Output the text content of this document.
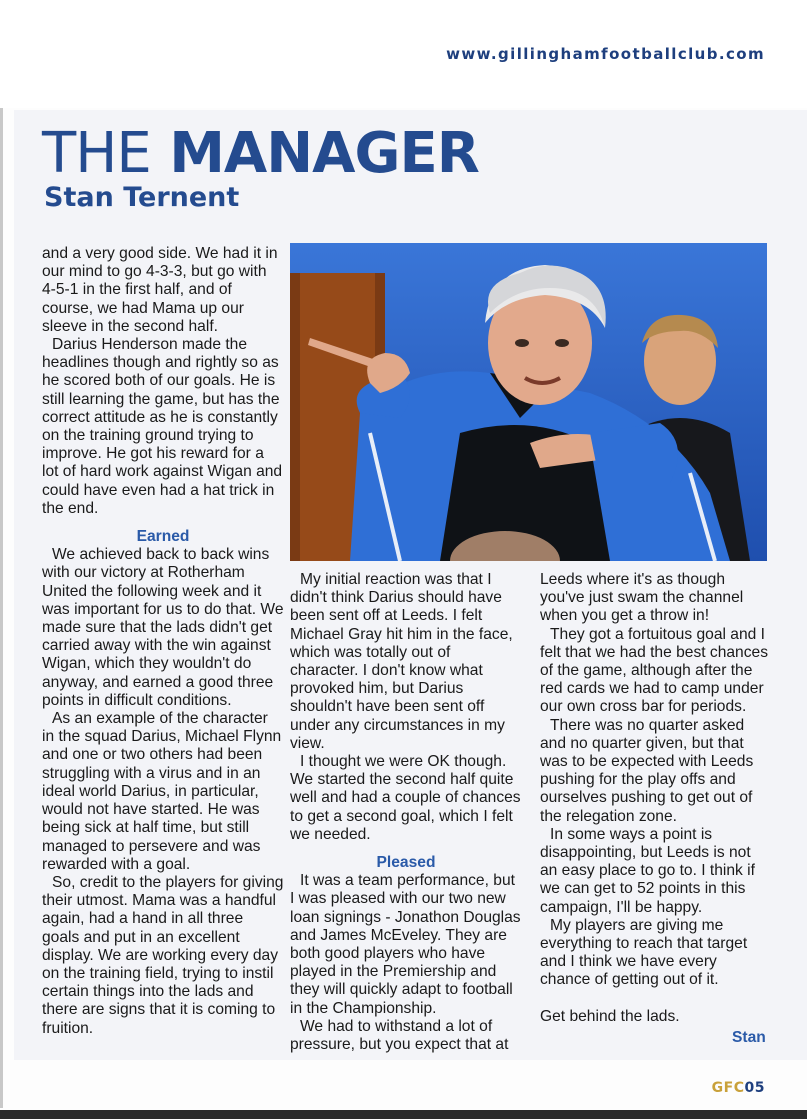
www.gillinghamfootballclub.com
THE MANAGER
Stan Ternent

and a very good side. We had it in our mind to go 4-3-3, but go with 4-5-1 in the first half, and of course, we had Mama up our sleeve in the second half.

Darius Henderson made the headlines though and rightly so as he scored both of our goals. He is still learning the game, but has the correct attitude as he is constantly on the training ground trying to improve. He got his reward for a lot of hard work against Wigan and could have even had a hat trick in the end.

Earned

We achieved back to back wins with our victory at Rotherham United the following week and it was important for us to do that. We made sure that the lads didn't get carried away with the win against Wigan, which they wouldn't do anyway, and earned a good three points in difficult conditions.

As an example of the character in the squad Darius, Michael Flynn and one or two others had been struggling with a virus and in an ideal world Darius, in particular, would not have started. He was being sick at half time, but still managed to persevere and was rewarded with a goal.

So, credit to the players for giving their utmost. Mama was a handful again, had a hand in all three goals and put in an excellent display. We are working every day on the training field, trying to instil certain things into the lads and there are signs that it is coming to fruition.

My initial reaction was that I didn't think Darius should have been sent off at Leeds. I felt Michael Gray hit him in the face, which was totally out of character. I don't know what provoked him, but Darius shouldn't have been sent off under any circumstances in my view.

I thought we were OK though. We started the second half quite well and had a couple of chances to get a second goal, which I felt we needed.

Pleased

It was a team performance, but I was pleased with our two new loan signings - Jonathon Douglas and James McEveley. They are both good players who have played in the Premiership and they will quickly adapt to football in the Championship.

We had to withstand a lot of pressure, but you expect that at

Leeds where it's as though you've just swam the channel when you get a throw in!

They got a fortuitous goal and I felt that we had the best chances of the game, although after the red cards we had to camp under our own cross bar for periods.

There was no quarter asked and no quarter given, but that was to be expected with Leeds pushing for the play offs and ourselves pushing to get out of the relegation zone.

In some ways a point is disappointing, but Leeds is not an easy place to go to. I think if we can get to 52 points in this campaign, I'll be happy.

My players are giving me everything to reach that target and I think we have every chance of getting out of it.

Get behind the lads.

Stan
GFC05
